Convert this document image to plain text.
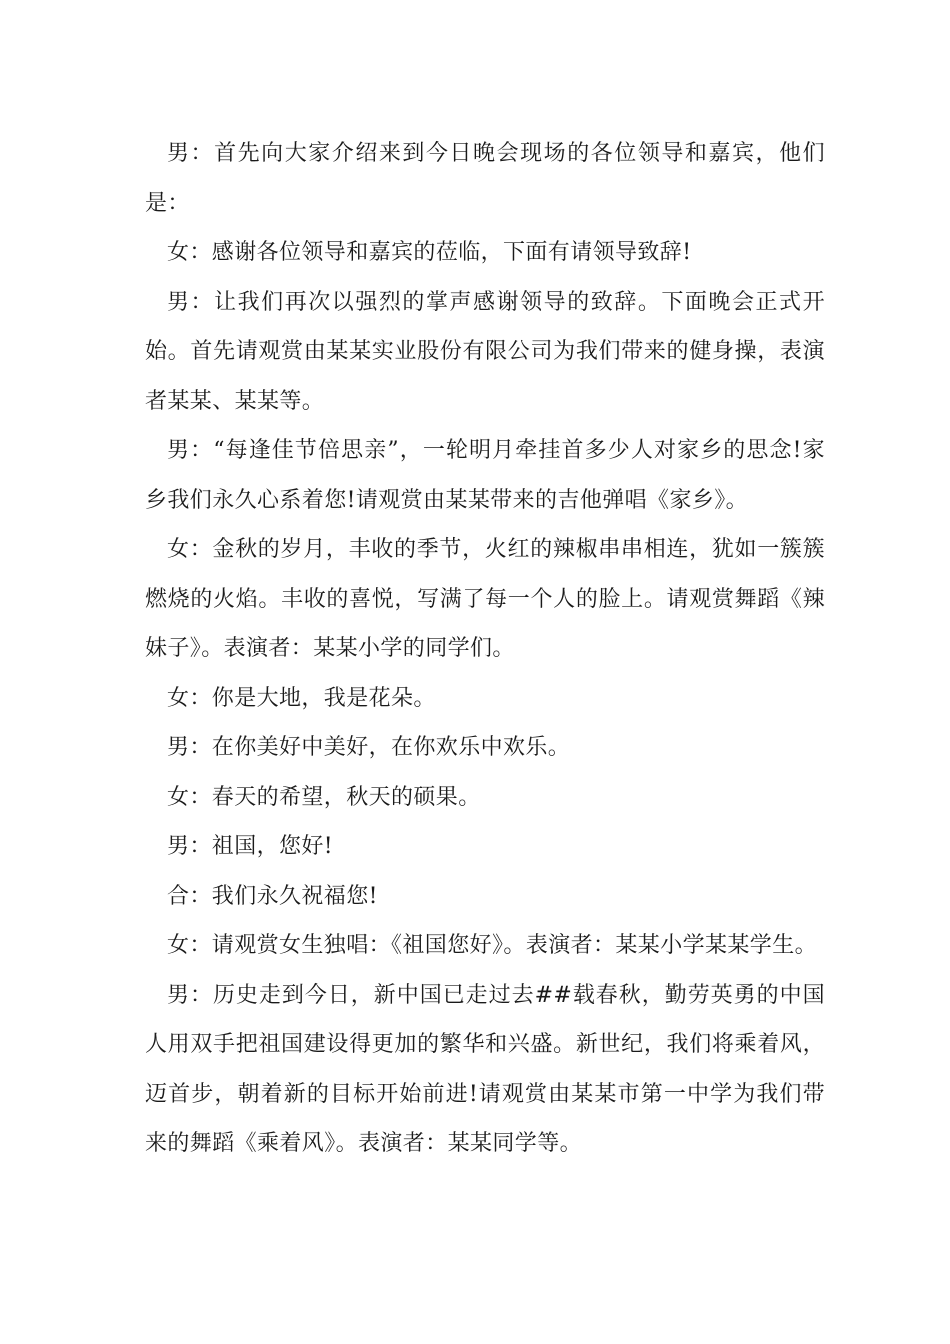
男：首先向大家介绍来到今日晚会现场的各位领导和嘉宾，他们是：

女：感谢各位领导和嘉宾的莅临，下面有请领导致辞!

男：让我们再次以强烈的掌声感谢领导的致辞。下面晚会正式开始。首先请观赏由某某实业股份有限公司为我们带来的健身操，表演者某某、某某等。

男：“每逢佳节倍思亲”，一轮明月牵挂首多少人对家乡的思念!家乡我们永久心系着您!请观赏由某某带来的吉他弹唱《家乡》。

女：金秋的岁月，丰收的季节，火红的辣椒串串相连，犹如一簇簇燃烧的火焰。丰收的喜悦，写满了每一个人的脸上。请观赏舞蹈《辣妹子》。表演者：某某小学的同学们。

女：你是大地，我是花朵。

男：在你美好中美好，在你欢乐中欢乐。

女：春天的希望，秋天的硕果。

男：祖国，您好!

合：我们永久祝福您!

女：请观赏女生独唱：《祖国您好》。表演者：某某小学某某学生。

男：历史走到今日，新中国已走过去##载春秋，勤劳英勇的中国人用双手把祖国建设得更加的繁华和兴盛。新世纪，我们将乘着风，迈首步，朝着新的目标开始前进!请观赏由某某市第一中学为我们带来的舞蹈《乘着风》。表演者：某某同学等。
